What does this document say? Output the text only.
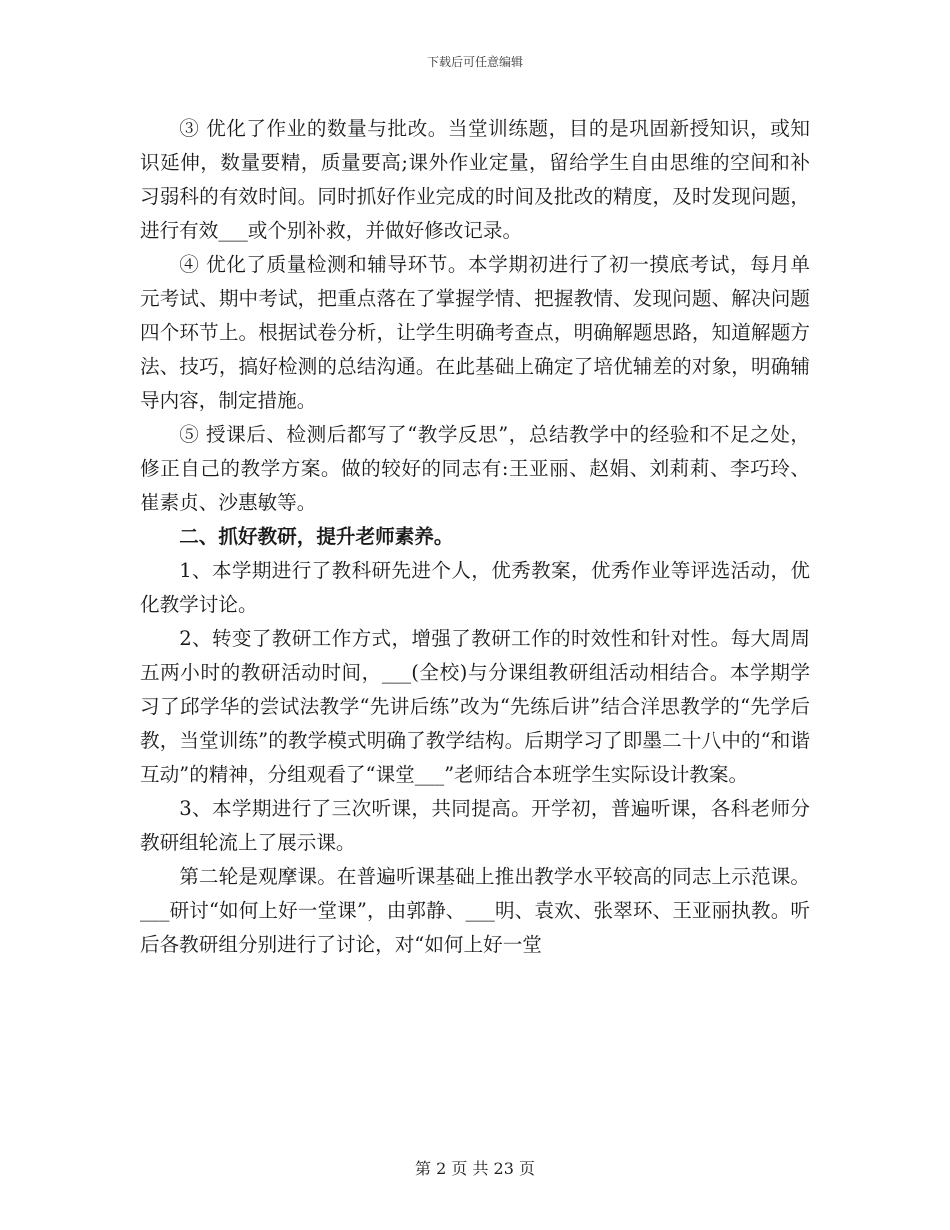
下载后可任意编辑

③ 优化了作业的数量与批改。当堂训练题，目的是巩固新授知识，或知识延伸，数量要精，质量要高;课外作业定量，留给学生自由思维的空间和补习弱科的有效时间。同时抓好作业完成的时间及批改的精度，及时发现问题，进行有效___或个别补救，并做好修改记录。

④ 优化了质量检测和辅导环节。本学期初进行了初一摸底考试，每月单元考试、期中考试，把重点落在了掌握学情、把握教情、发现问题、解决问题四个环节上。根据试卷分析，让学生明确考查点，明确解题思路，知道解题方法、技巧，搞好检测的总结沟通。在此基础上确定了培优辅差的对象，明确辅导内容，制定措施。

⑤ 授课后、检测后都写了“教学反思”，总结教学中的经验和不足之处，修正自己的教学方案。做的较好的同志有:王亚丽、赵娟、刘莉莉、李巧玲、崔素贞、沙惠敏等。

二、抓好教研，提升老师素养。

1、本学期进行了教科研先进个人，优秀教案，优秀作业等评选活动，优化教学讨论。

2、转变了教研工作方式，增强了教研工作的时效性和针对性。每大周周五两小时的教研活动时间，___(全校)与分课组教研组活动相结合。本学期学习了邱学华的尝试法教学“先讲后练”改为“先练后讲”结合洋思教学的“先学后教，当堂训练”的教学模式明确了教学结构。后期学习了即墨二十八中的“和谐互动”的精神，分组观看了“课堂___”老师结合本班学生实际设计教案。

3、本学期进行了三次听课，共同提高。开学初，普遍听课，各科老师分教研组轮流上了展示课。

第二轮是观摩课。在普遍听课基础上推出教学水平较高的同志上示范课。___研讨“如何上好一堂课”，由郭静、___明、袁欢、张翠环、王亚丽执教。听后各教研组分别进行了讨论，对“如何上好一堂

第 2 页 共 23 页
